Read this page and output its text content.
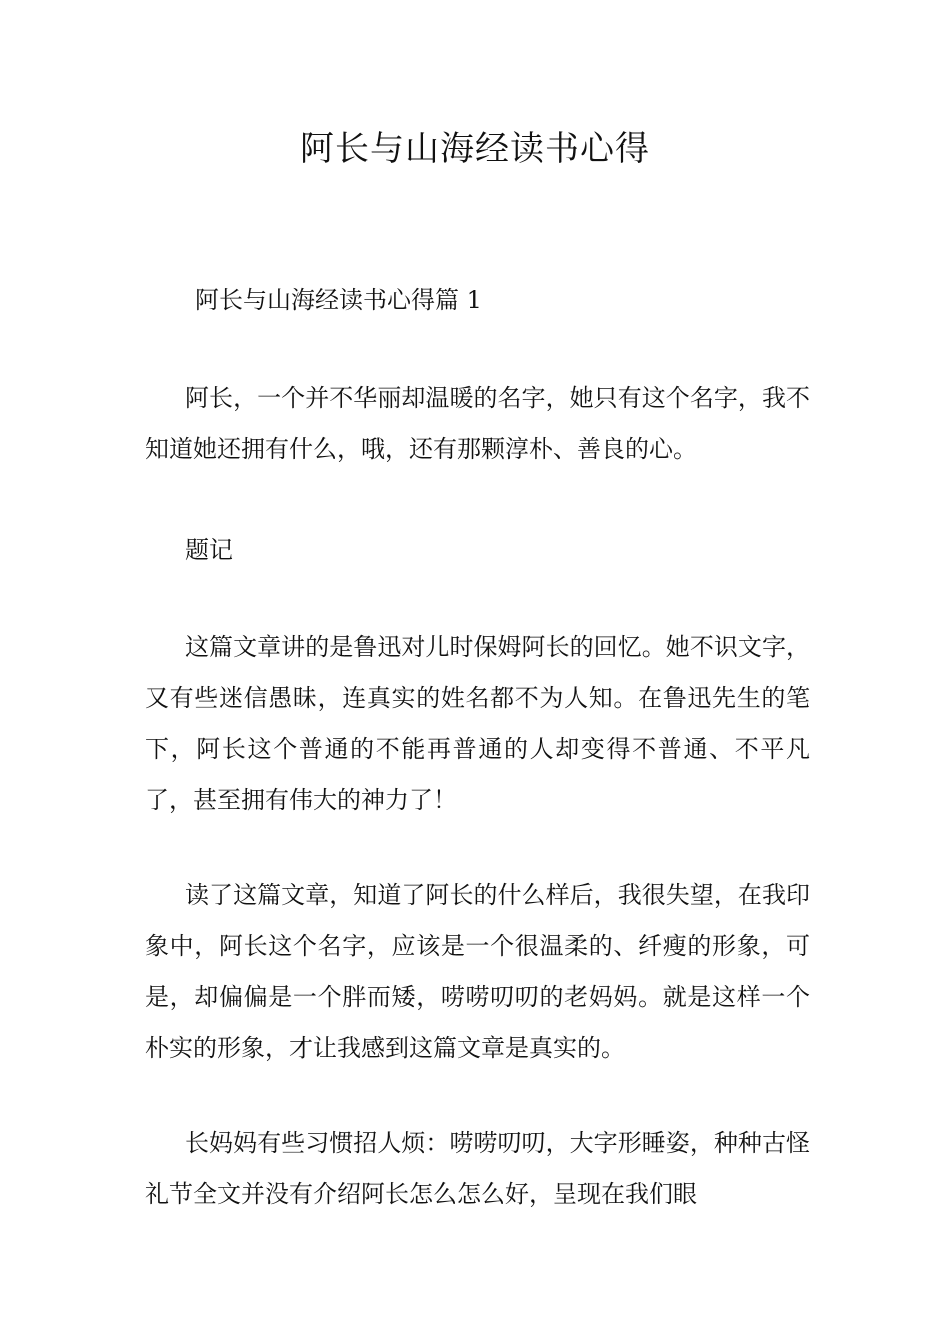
阿长与山海经读书心得
阿长与山海经读书心得篇 1

阿长，一个并不华丽却温暖的名字，她只有这个名字，我不知道她还拥有什么，哦，还有那颗淳朴、善良的心。

题记

这篇文章讲的是鲁迅对儿时保姆阿长的回忆。她不识文字，又有些迷信愚昧，连真实的姓名都不为人知。在鲁迅先生的笔下，阿长这个普通的不能再普通的人却变得不普通、不平凡了，甚至拥有伟大的神力了！

读了这篇文章，知道了阿长的什么样后，我很失望，在我印象中，阿长这个名字，应该是一个很温柔的、纤瘦的形象，可是，却偏偏是一个胖而矮，唠唠叨叨的老妈妈。就是这样一个朴实的形象，才让我感到这篇文章是真实的。

长妈妈有些习惯招人烦：唠唠叨叨，大字形睡姿，种种古怪礼节全文并没有介绍阿长怎么怎么好，呈现在我们眼
